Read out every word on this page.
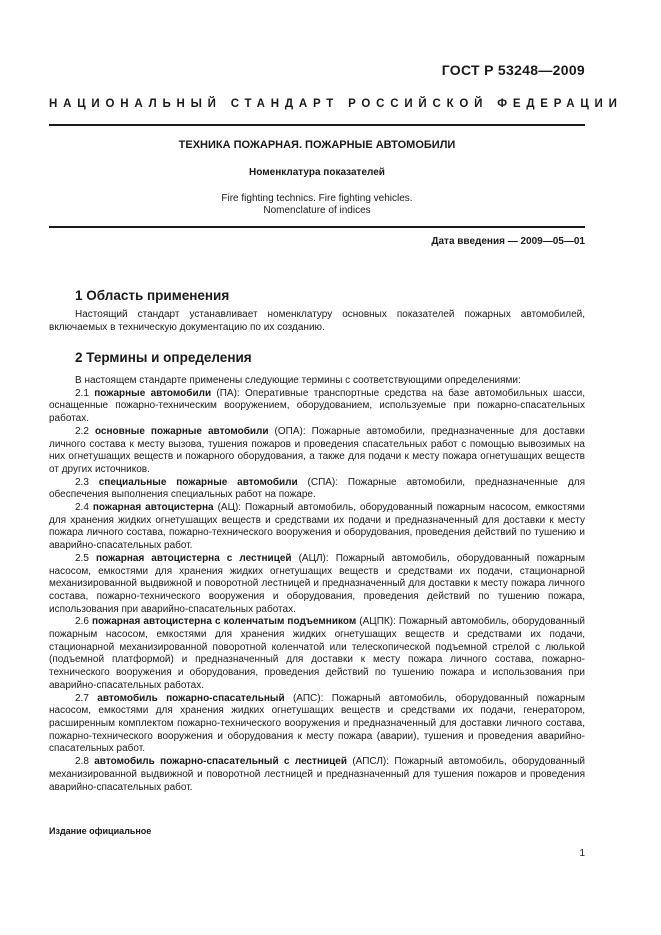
ГОСТ Р 53248—2009
НАЦИОНАЛЬНЫЙ СТАНДАРТ РОССИЙСКОЙ ФЕДЕРАЦИИ
ТЕХНИКА ПОЖАРНАЯ. ПОЖАРНЫЕ АВТОМОБИЛИ
Номенклатура показателей
Fire fighting technics. Fire fighting vehicles.
Nomenclature of indices
Дата введения — 2009—05—01
1 Область применения

Настоящий стандарт устанавливает номенклатуру основных показателей пожарных автомобилей, включаемых в техническую документацию по их созданию.

2 Термины и определения

В настоящем стандарте применены следующие термины с соответствующими определениями:

2.1 пожарные автомобили (ПА): Оперативные транспортные средства на базе автомобильных шасси, оснащенные пожарно-техническим вооружением, оборудованием, используемые при пожарно-спасательных работах.

2.2 основные пожарные автомобили (ОПА): Пожарные автомобили, предназначенные для доставки личного состава к месту вызова, тушения пожаров и проведения спасательных работ с помощью вывозимых на них огнетушащих веществ и пожарного оборудования, а также для подачи к месту пожара огнетушащих веществ от других источников.

2.3 специальные пожарные автомобили (СПА): Пожарные автомобили, предназначенные для обеспечения выполнения специальных работ на пожаре.

2.4 пожарная автоцистерна (АЦ): Пожарный автомобиль, оборудованный пожарным насосом, емкостями для хранения жидких огнетушащих веществ и средствами их подачи и предназначенный для доставки к месту пожара личного состава, пожарно-технического вооружения и оборудования, проведения действий по тушению и аварийно-спасательных работ.

2.5 пожарная автоцистерна с лестницей (АЦЛ): Пожарный автомобиль, оборудованный пожарным насосом, емкостями для хранения жидких огнетушащих веществ и средствами их подачи, стационарной механизированной выдвижной и поворотной лестницей и предназначенный для доставки к месту пожара личного состава, пожарно-технического вооружения и оборудования, проведения действий по тушению пожара, использования при аварийно-спасательных работах.

2.6 пожарная автоцистерна с коленчатым подъемником (АЦПК): Пожарный автомобиль, оборудованный пожарным насосом, емкостями для хранения жидких огнетушащих веществ и средствами их подачи, стационарной механизированной поворотной коленчатой или телескопической подъемной стрелой с люлькой (подъемной платформой) и предназначенный для доставки к месту пожара личного состава, пожарно-технического вооружения и оборудования, проведения действий по тушению пожара и использования при аварийно-спасательных работах.

2.7 автомобиль пожарно-спасательный (АПС): Пожарный автомобиль, оборудованный пожарным насосом, емкостями для хранения жидких огнетушащих веществ и средствами их подачи, генератором, расширенным комплектом пожарно-технического вооружения и предназначенный для доставки личного состава, пожарно-технического вооружения и оборудования к месту пожара (аварии), тушения и проведения аварийно-спасательных работ.

2.8 автомобиль пожарно-спасательный с лестницей (АПСЛ): Пожарный автомобиль, оборудованный механизированной выдвижной и поворотной лестницей и предназначенный для тушения пожаров и проведения аварийно-спасательных работ.

Издание официальное
1
